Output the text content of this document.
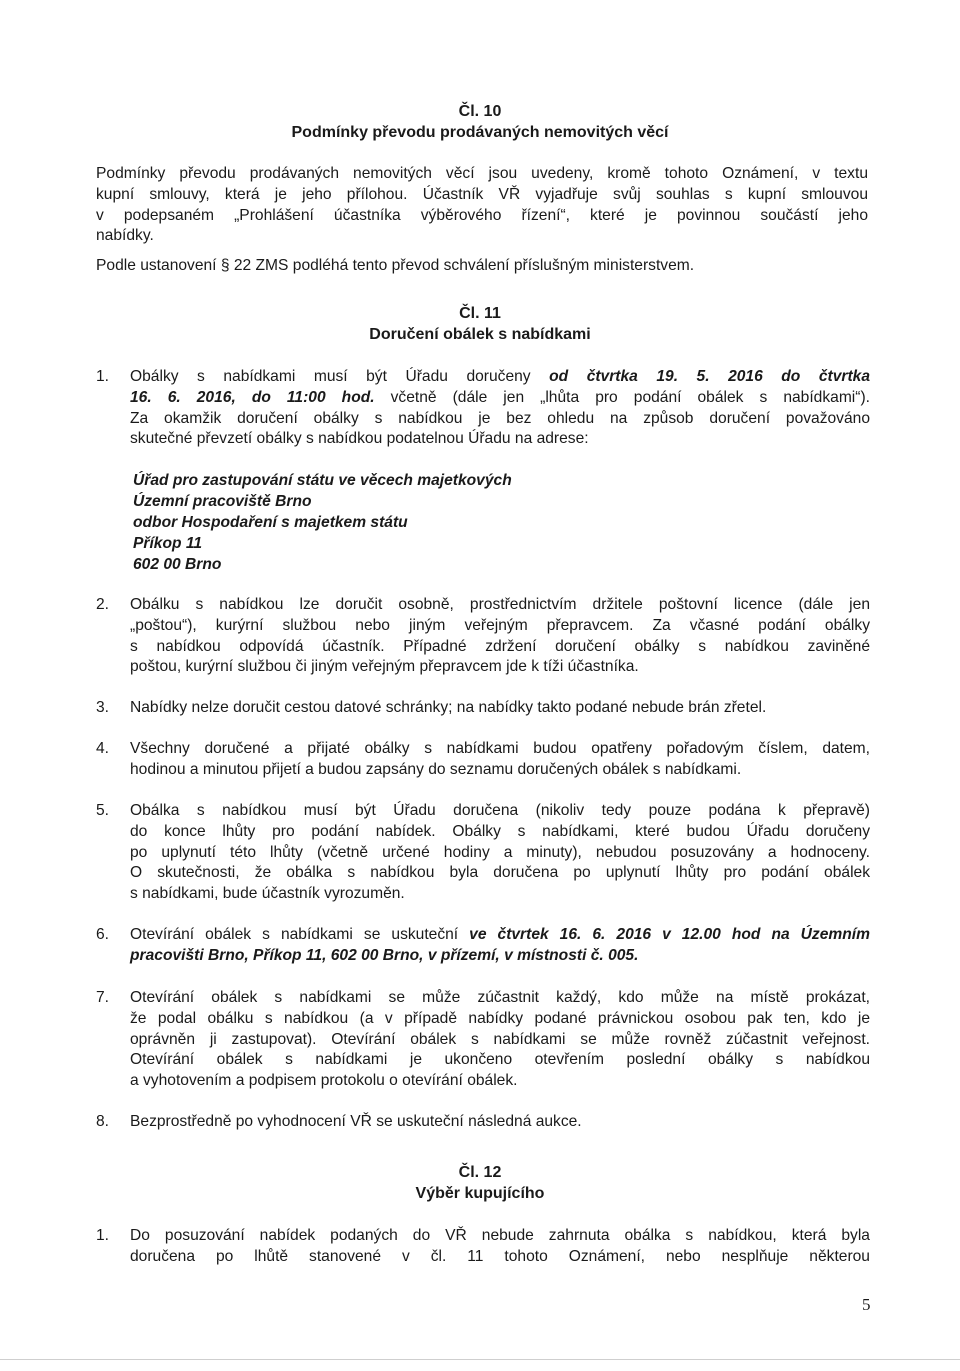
Čl. 10
Podmínky převodu prodávaných nemovitých věcí
Podmínky převodu prodávaných nemovitých věcí jsou uvedeny, kromě tohoto Oznámení, v textu
kupní smlouvy, která je jeho přílohou. Účastník VŘ vyjadřuje svůj souhlas s kupní smlouvou
v podepsaném „Prohlášení účastníka výběrového řízení“, které je povinnou součástí jeho
nabídky.
Podle ustanovení § 22 ZMS podléhá tento převod schválení příslušným ministerstvem.
Čl. 11
Doručení obálek s nabídkami
1.	Obálky s nabídkami musí být Úřadu doručeny od čtvrtka 19. 5. 2016 do čtvrtka
16. 6. 2016, do 11:00 hod. včetně (dále jen „lhůta pro podání obálek s nabídkami“).
Za okamžik doručení obálky s nabídkou je bez ohledu na způsob doručení považováno
skutečné převzetí obálky s nabídkou podatelnou Úřadu na adrese:
Úřad pro zastupování státu ve věcech majetkových
Územní pracoviště Brno
odbor Hospodaření s majetkem státu
Příkop 11
602 00 Brno
2.	Obálku s nabídkou lze doručit osobně, prostřednictvím držitele poštovní licence (dále jen
„poštou“), kurýrní službou nebo jiným veřejným přepravcem. Za včasné podání obálky
s nabídkou odpovídá účastník. Případné zdržení doručení obálky s nabídkou zaviněné
poštou, kurýrní službou či jiným veřejným přepravcem jde k tíži účastníka.
3.	Nabídky nelze doručit cestou datové schránky; na nabídky takto podané nebude brán zřetel.
4.	Všechny doručené a přijaté obálky s nabídkami budou opatřeny pořadovým číslem, datem,
hodinou a minutou přijetí a budou zapsány do seznamu doručených obálek s nabídkami.
5.	Obálka s nabídkou musí být Úřadu doručena (nikoliv tedy pouze podána k přepravě)
do konce lhůty pro podání nabídek. Obálky s nabídkami, které budou Úřadu doručeny
po uplynutí této lhůty (včetně určené hodiny a minuty), nebudou posuzovány a hodnoceny.
O skutečnosti, že obálka s nabídkou byla doručena po uplynutí lhůty pro podání obálek
s nabídkami, bude účastník vyrozuměn.
6.	Otevírání obálek s nabídkami se uskuteční ve čtvrtek 16. 6. 2016 v 12.00 hod na Územním
pracovišti Brno, Příkop 11, 602 00 Brno, v přízemí, v místnosti č. 005.
7.	Otevírání obálek s nabídkami se může zúčastnit každý, kdo může na místě prokázat,
že podal obálku s nabídkou (a v případě nabídky podané právnickou osobou pak ten, kdo je
oprávněn ji zastupovat). Otevírání obálek s nabídkami se může rovněž zúčastnit veřejnost.
Otevírání obálek s nabídkami je ukončeno otevřením poslední obálky s nabídkou
a vyhotovením a podpisem protokolu o otevírání obálek.
8.	Bezprostředně po vyhodnocení VŘ se uskuteční následná aukce.
Čl. 12
Výběr kupujícího
1.	Do posuzování nabídek podaných do VŘ nebude zahrnuta obálka s nabídkou, která byla
doručena po lhůtě stanovené v čl. 11 tohoto Oznámení, nebo nesplňuje některou
5
